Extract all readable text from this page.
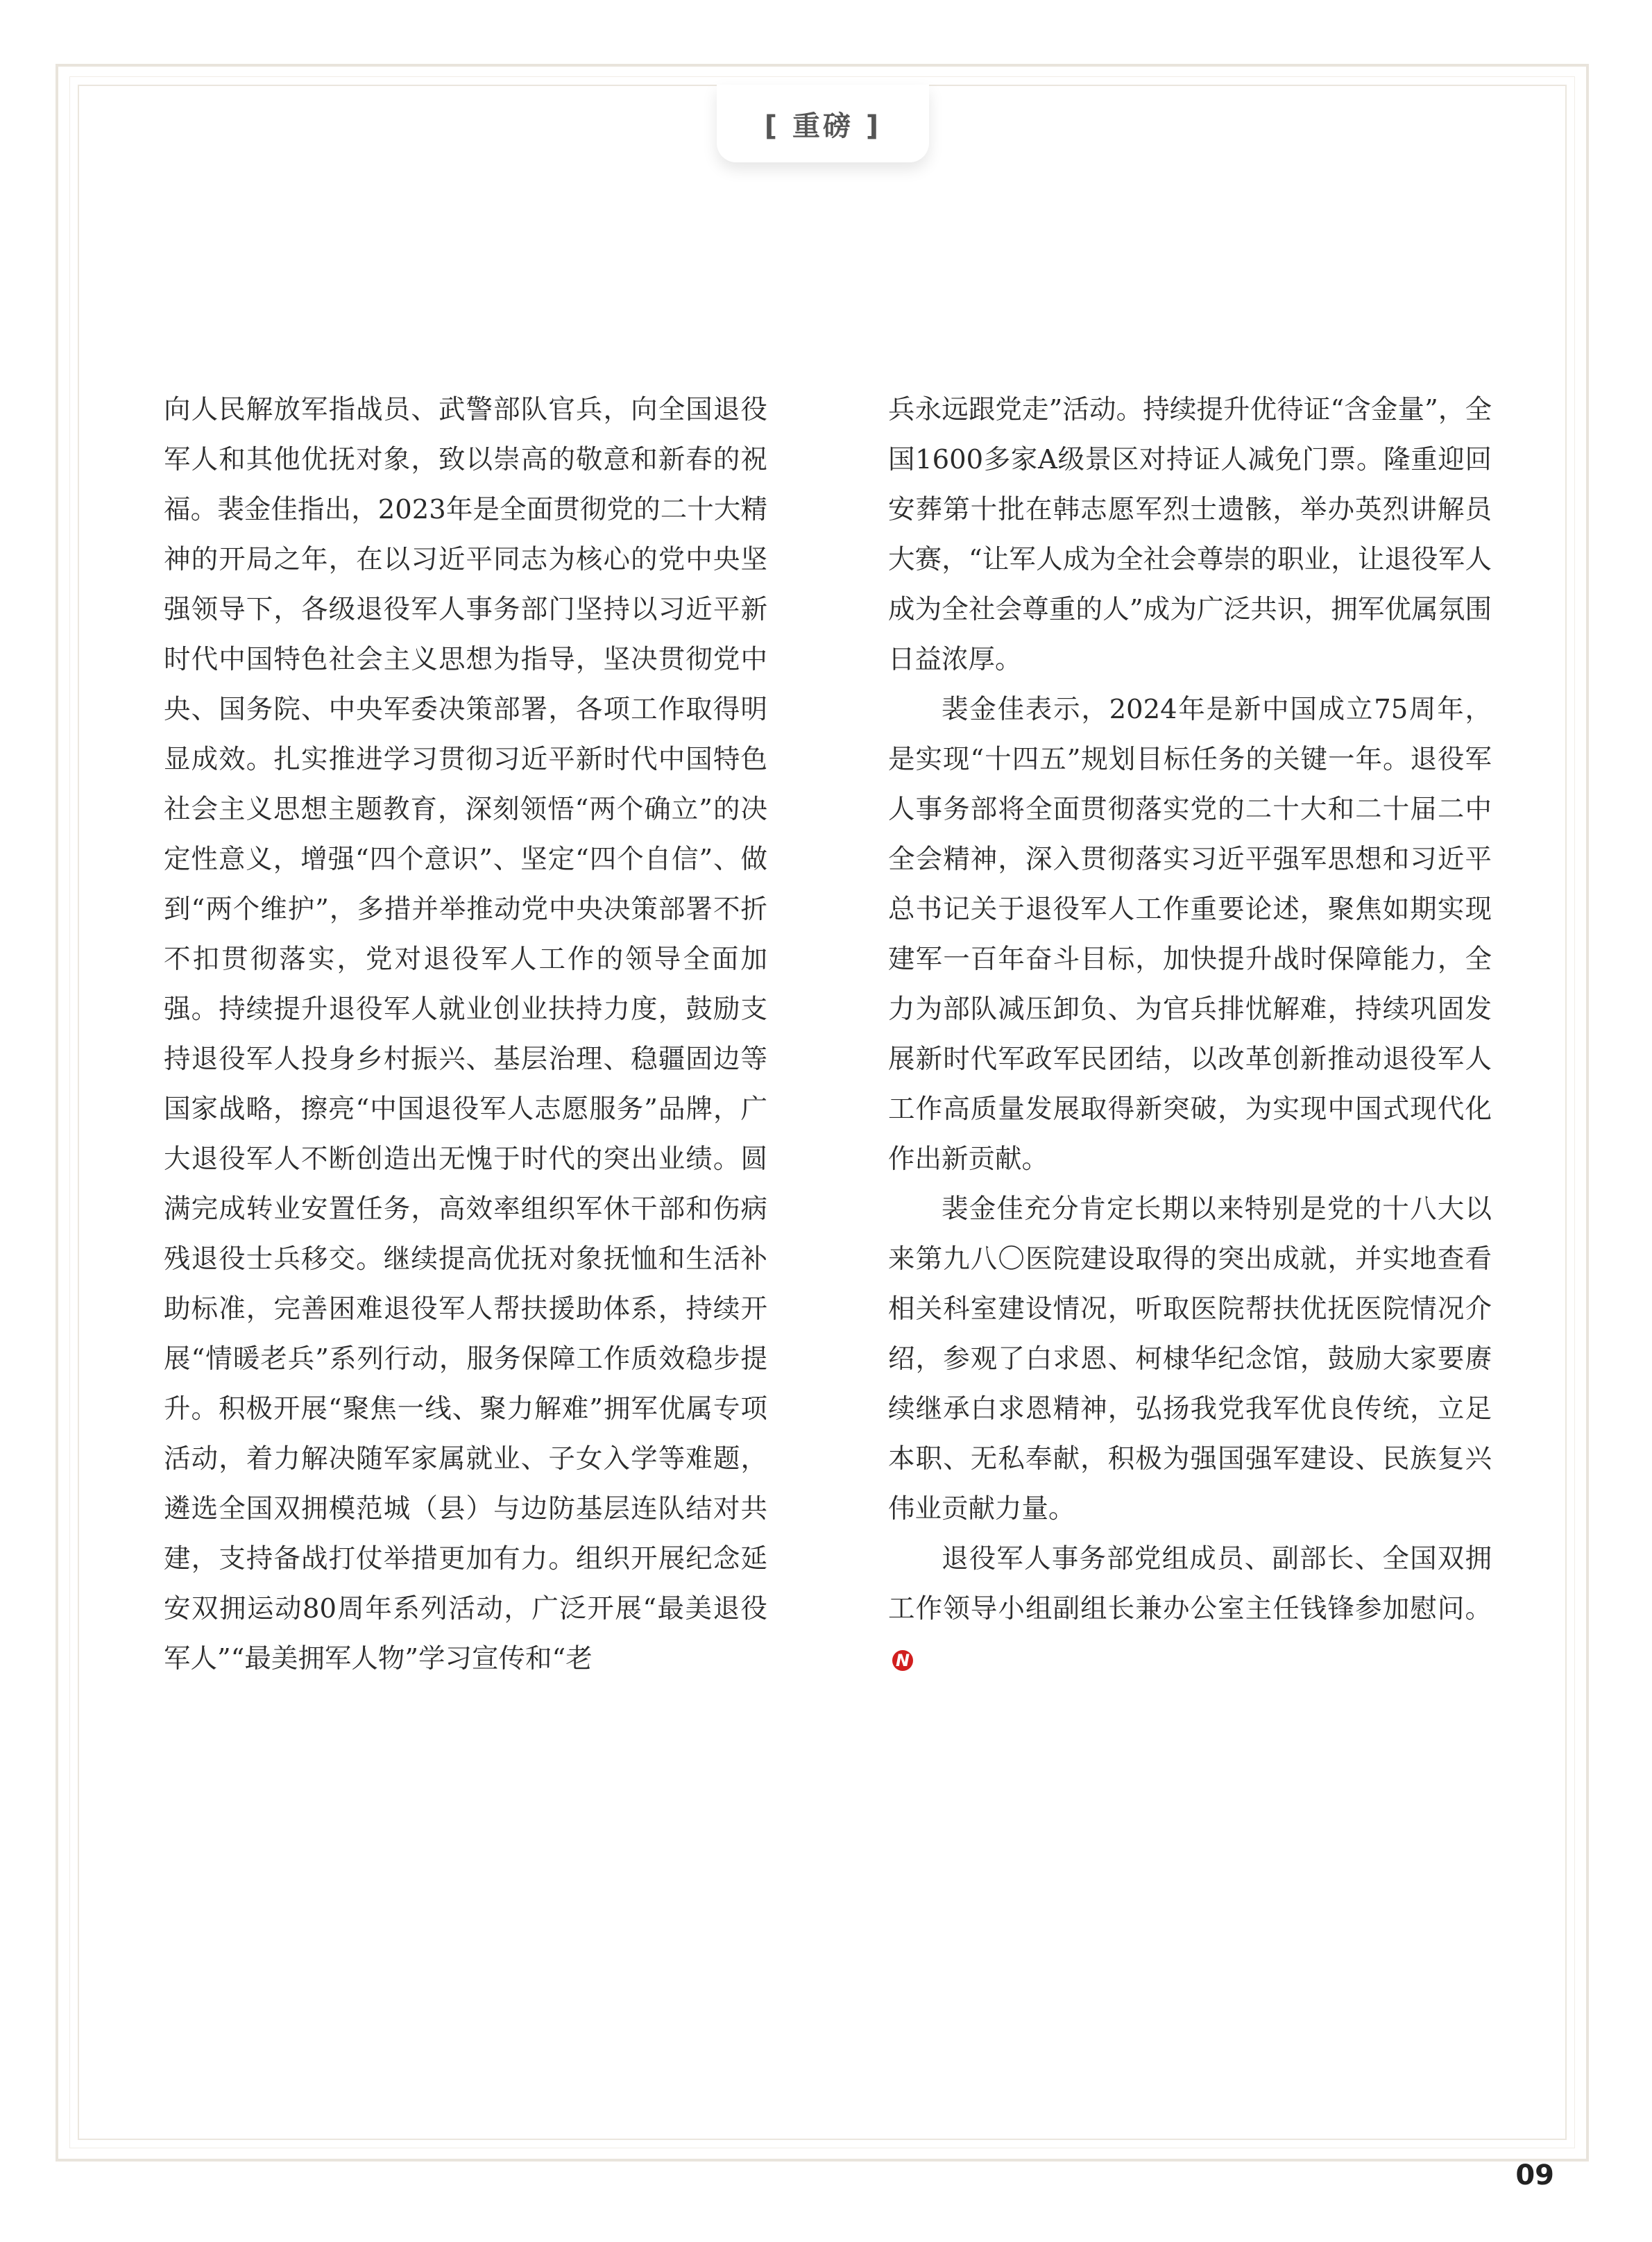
[ 重磅 ]

向人民解放军指战员、武警部队官兵，向全国退役军人和其他优抚对象，致以崇高的敬意和新春的祝福。裴金佳指出，2023年是全面贯彻党的二十大精神的开局之年，在以习近平同志为核心的党中央坚强领导下，各级退役军人事务部门坚持以习近平新时代中国特色社会主义思想为指导，坚决贯彻党中央、国务院、中央军委决策部署，各项工作取得明显成效。扎实推进学习贯彻习近平新时代中国特色社会主义思想主题教育，深刻领悟“两个确立”的决定性意义，增强“四个意识”、坚定“四个自信”、做到“两个维护”，多措并举推动党中央决策部署不折不扣贯彻落实，党对退役军人工作的领导全面加强。持续提升退役军人就业创业扶持力度，鼓励支持退役军人投身乡村振兴、基层治理、稳疆固边等国家战略，擦亮“中国退役军人志愿服务”品牌，广大退役军人不断创造出无愧于时代的突出业绩。圆满完成转业安置任务，高效率组织军休干部和伤病残退役士兵移交。继续提高优抚对象抚恤和生活补助标准，完善困难退役军人帮扶援助体系，持续开展“情暖老兵”系列行动，服务保障工作质效稳步提升。积极开展“聚焦一线、聚力解难”拥军优属专项活动，着力解决随军家属就业、子女入学等难题，遴选全国双拥模范城（县）与边防基层连队结对共建，支持备战打仗举措更加有力。组织开展纪念延安双拥运动80周年系列活动，广泛开展“最美退役军人”“最美拥军人物”学习宣传和“老

兵永远跟党走”活动。持续提升优待证“含金量”，全国1600多家A级景区对持证人减免门票。隆重迎回安葬第十批在韩志愿军烈士遗骸，举办英烈讲解员大赛，“让军人成为全社会尊崇的职业，让退役军人成为全社会尊重的人”成为广泛共识，拥军优属氛围日益浓厚。

裴金佳表示，2024年是新中国成立75周年，是实现“十四五”规划目标任务的关键一年。退役军人事务部将全面贯彻落实党的二十大和二十届二中全会精神，深入贯彻落实习近平强军思想和习近平总书记关于退役军人工作重要论述，聚焦如期实现建军一百年奋斗目标，加快提升战时保障能力，全力为部队减压卸负、为官兵排忧解难，持续巩固发展新时代军政军民团结，以改革创新推动退役军人工作高质量发展取得新突破，为实现中国式现代化作出新贡献。

裴金佳充分肯定长期以来特别是党的十八大以来第九八〇医院建设取得的突出成就，并实地查看相关科室建设情况，听取医院帮扶优抚医院情况介绍，参观了白求恩、柯棣华纪念馆，鼓励大家要赓续继承白求恩精神，弘扬我党我军优良传统，立足本职、无私奉献，积极为强国强军建设、民族复兴伟业贡献力量。

退役军人事务部党组成员、副部长、全国双拥工作领导小组副组长兼办公室主任钱锋参加慰问。N

09
